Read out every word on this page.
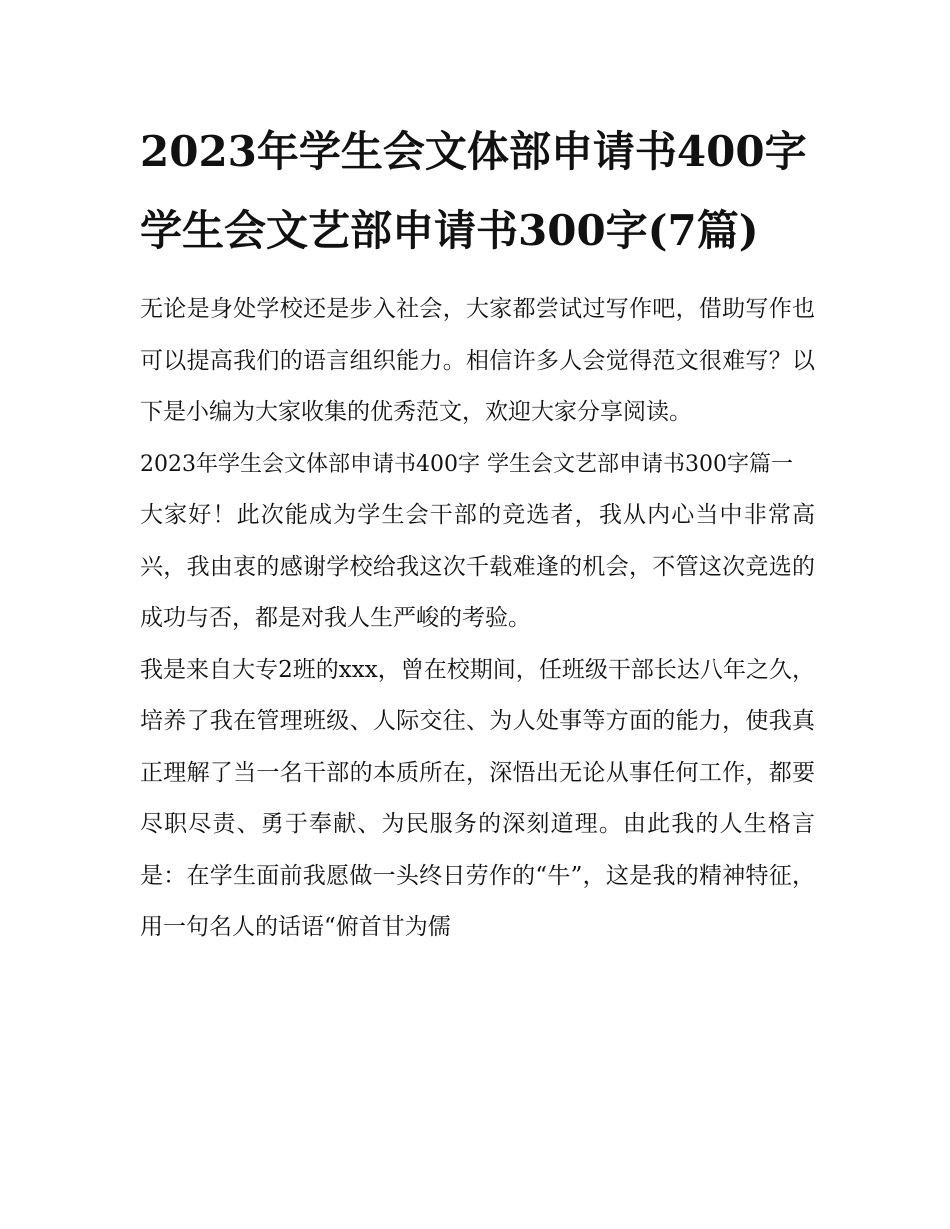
2023年学生会文体部申请书400字 学生会文艺部申请书300字(7篇)

无论是身处学校还是步入社会，大家都尝试过写作吧，借助写作也可以提高我们的语言组织能力。相信许多人会觉得范文很难写？以下是小编为大家收集的优秀范文，欢迎大家分享阅读。

2023年学生会文体部申请书400字 学生会文艺部申请书300字篇一

大家好！此次能成为学生会干部的竞选者，我从内心当中非常高兴，我由衷的感谢学校给我这次千载难逢的机会，不管这次竞选的成功与否，都是对我人生严峻的考验。

我是来自大专2班的xxx，曾在校期间，任班级干部长达八年之久，培养了我在管理班级、人际交往、为人处事等方面的能力，使我真正理解了当一名干部的本质所在，深悟出无论从事任何工作，都要尽职尽责、勇于奉献、为民服务的深刻道理。由此我的人生格言是：在学生面前我愿做一头终日劳作的“牛”，这是我的精神特征，用一句名人的话语“俯首甘为儒
